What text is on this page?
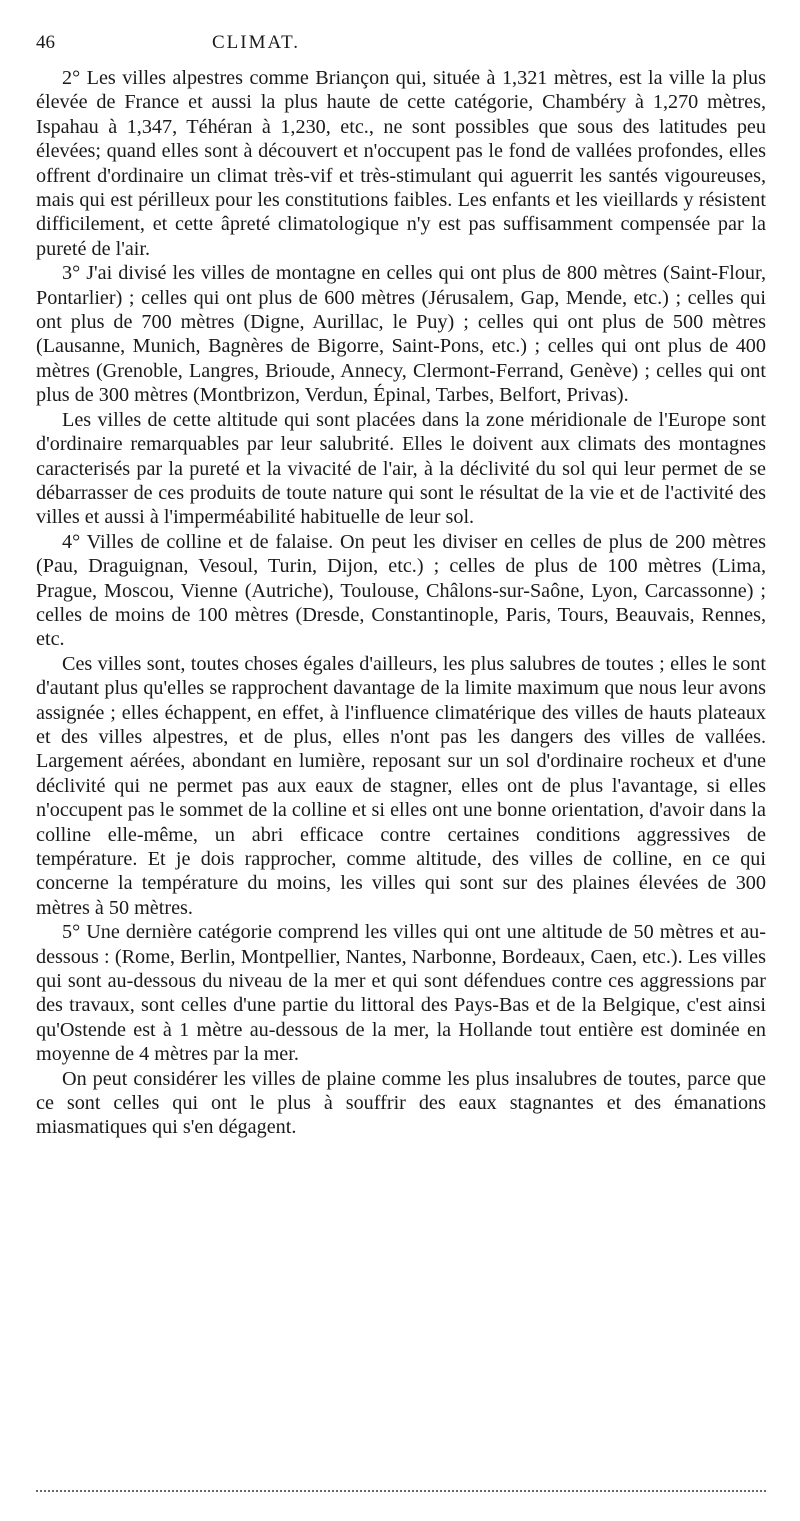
46	CLIMAT.

2° Les villes alpestres comme Briançon qui, située à 1,321 mètres, est la ville la plus élevée de France et aussi la plus haute de cette catégorie, Chambéry à 1,270 mètres, Ispahau à 1,347, Téhéran à 1,230, etc., ne sont possibles que sous des latitudes peu élevées; quand elles sont à découvert et n'occupent pas le fond de vallées profondes, elles offrent d'ordinaire un climat très-vif et très-stimulant qui aguerrit les santés vigoureuses, mais qui est périlleux pour les constitutions faibles. Les enfants et les vieillards y résistent difficilement, et cette âpreté climatologique n'y est pas suffisamment compensée par la pureté de l'air.

3° J'ai divisé les villes de montagne en celles qui ont plus de 800 mètres (Saint-Flour, Pontarlier) ; celles qui ont plus de 600 mètres (Jérusalem, Gap, Mende, etc.) ; celles qui ont plus de 700 mètres (Digne, Aurillac, le Puy) ; celles qui ont plus de 500 mètres (Lausanne, Munich, Bagnères de Bigorre, Saint-Pons, etc.) ; celles qui ont plus de 400 mètres (Grenoble, Langres, Brioude, Annecy, Clermont-Ferrand, Genève) ; celles qui ont plus de 300 mètres (Montbrizon, Verdun, Épinal, Tarbes, Belfort, Privas).

Les villes de cette altitude qui sont placées dans la zone méridionale de l'Europe sont d'ordinaire remarquables par leur salubrité. Elles le doivent aux climats des montagnes caracterisés par la pureté et la vivacité de l'air, à la déclivité du sol qui leur permet de se débarrasser de ces produits de toute nature qui sont le résultat de la vie et de l'activité des villes et aussi à l'imperméabilité habituelle de leur sol.

4° Villes de colline et de falaise. On peut les diviser en celles de plus de 200 mètres (Pau, Draguignan, Vesoul, Turin, Dijon, etc.) ; celles de plus de 100 mètres (Lima, Prague, Moscou, Vienne (Autriche), Toulouse, Châlons-sur-Saône, Lyon, Carcassonne) ; celles de moins de 100 mètres (Dresde, Constantinople, Paris, Tours, Beauvais, Rennes, etc.

Ces villes sont, toutes choses égales d'ailleurs, les plus salubres de toutes ; elles le sont d'autant plus qu'elles se rapprochent davantage de la limite maximum que nous leur avons assignée ; elles échappent, en effet, à l'influence climatérique des villes de hauts plateaux et des villes alpestres, et de plus, elles n'ont pas les dangers des villes de vallées. Largement aérées, abondant en lumière, reposant sur un sol d'ordinaire rocheux et d'une déclivité qui ne permet pas aux eaux de stagner, elles ont de plus l'avantage, si elles n'occupent pas le sommet de la colline et si elles ont une bonne orientation, d'avoir dans la colline elle-même, un abri efficace contre certaines conditions aggressives de température. Et je dois rapprocher, comme altitude, des villes de colline, en ce qui concerne la température du moins, les villes qui sont sur des plaines élevées de 300 mètres à 50 mètres.

5° Une dernière catégorie comprend les villes qui ont une altitude de 50 mètres et au-dessous : (Rome, Berlin, Montpellier, Nantes, Narbonne, Bordeaux, Caen, etc.). Les villes qui sont au-dessous du niveau de la mer et qui sont défendues contre ces aggressions par des travaux, sont celles d'une partie du littoral des Pays-Bas et de la Belgique, c'est ainsi qu'Ostende est à 1 mètre au-dessous de la mer, la Hollande tout entière est dominée en moyenne de 4 mètres par la mer.

On peut considérer les villes de plaine comme les plus insalubres de toutes, parce que ce sont celles qui ont le plus à souffrir des eaux stagnantes et des émanations miasmatiques qui s'en dégagent.
